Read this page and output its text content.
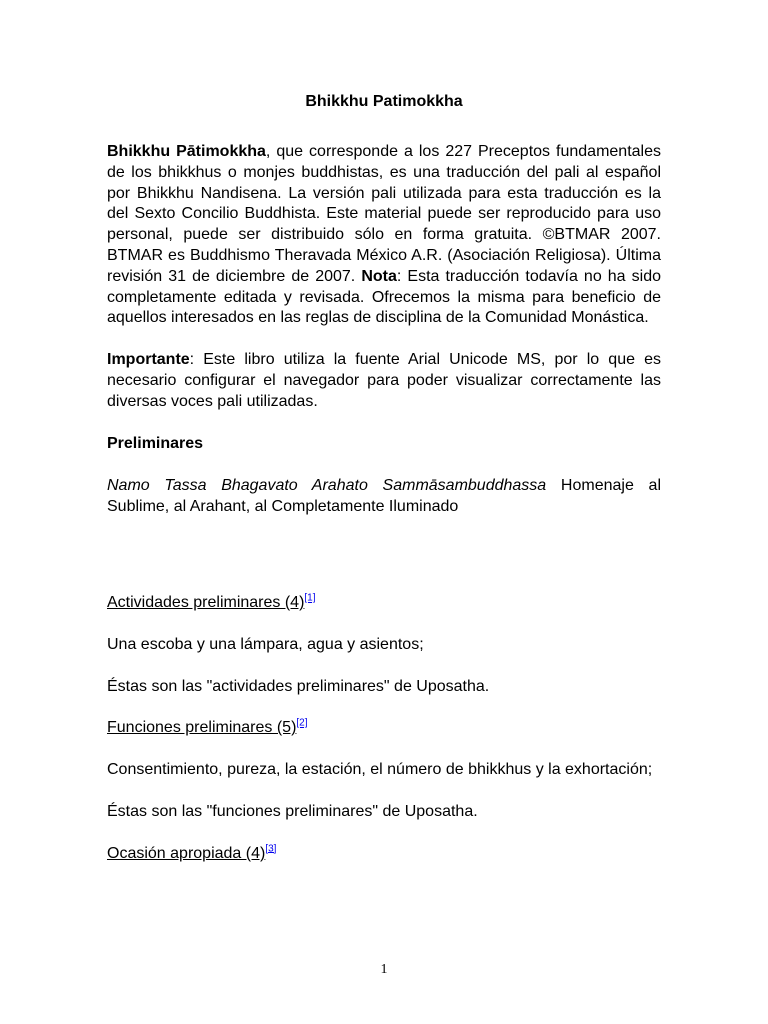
Bhikkhu Patimokkha

Bhikkhu Pātimokkha, que corresponde a los 227 Preceptos fundamentales de los bhikkhus o monjes buddhistas, es una traducción del pali al español por Bhikkhu Nandisena. La versión pali utilizada para esta traducción es la del Sexto Concilio Buddhista. Este material puede ser reproducido para uso personal, puede ser distribuido sólo en forma gratuita. ©BTMAR 2007. BTMAR es Buddhismo Theravada México A.R. (Asociación Religiosa). Última revisión 31 de diciembre de 2007. Nota: Esta traducción todavía no ha sido completamente editada y revisada. Ofrecemos la misma para beneficio de aquellos interesados en las reglas de disciplina de la Comunidad Monástica.

Importante: Este libro utiliza la fuente Arial Unicode MS, por lo que es necesario configurar el navegador para poder visualizar correctamente las diversas voces pali utilizadas.

Preliminares

Namo Tassa Bhagavato Arahato Sammāsambuddhassa Homenaje al Sublime, al Arahant, al Completamente Iluminado

Actividades preliminares (4)[1]

Una escoba y una lámpara, agua y asientos;

Éstas son las "actividades preliminares" de Uposatha.

Funciones preliminares (5)[2]

Consentimiento, pureza, la estación, el número de bhikkhus y la exhortación;

Éstas son las "funciones preliminares" de Uposatha.

Ocasión apropiada (4)[3]

1
